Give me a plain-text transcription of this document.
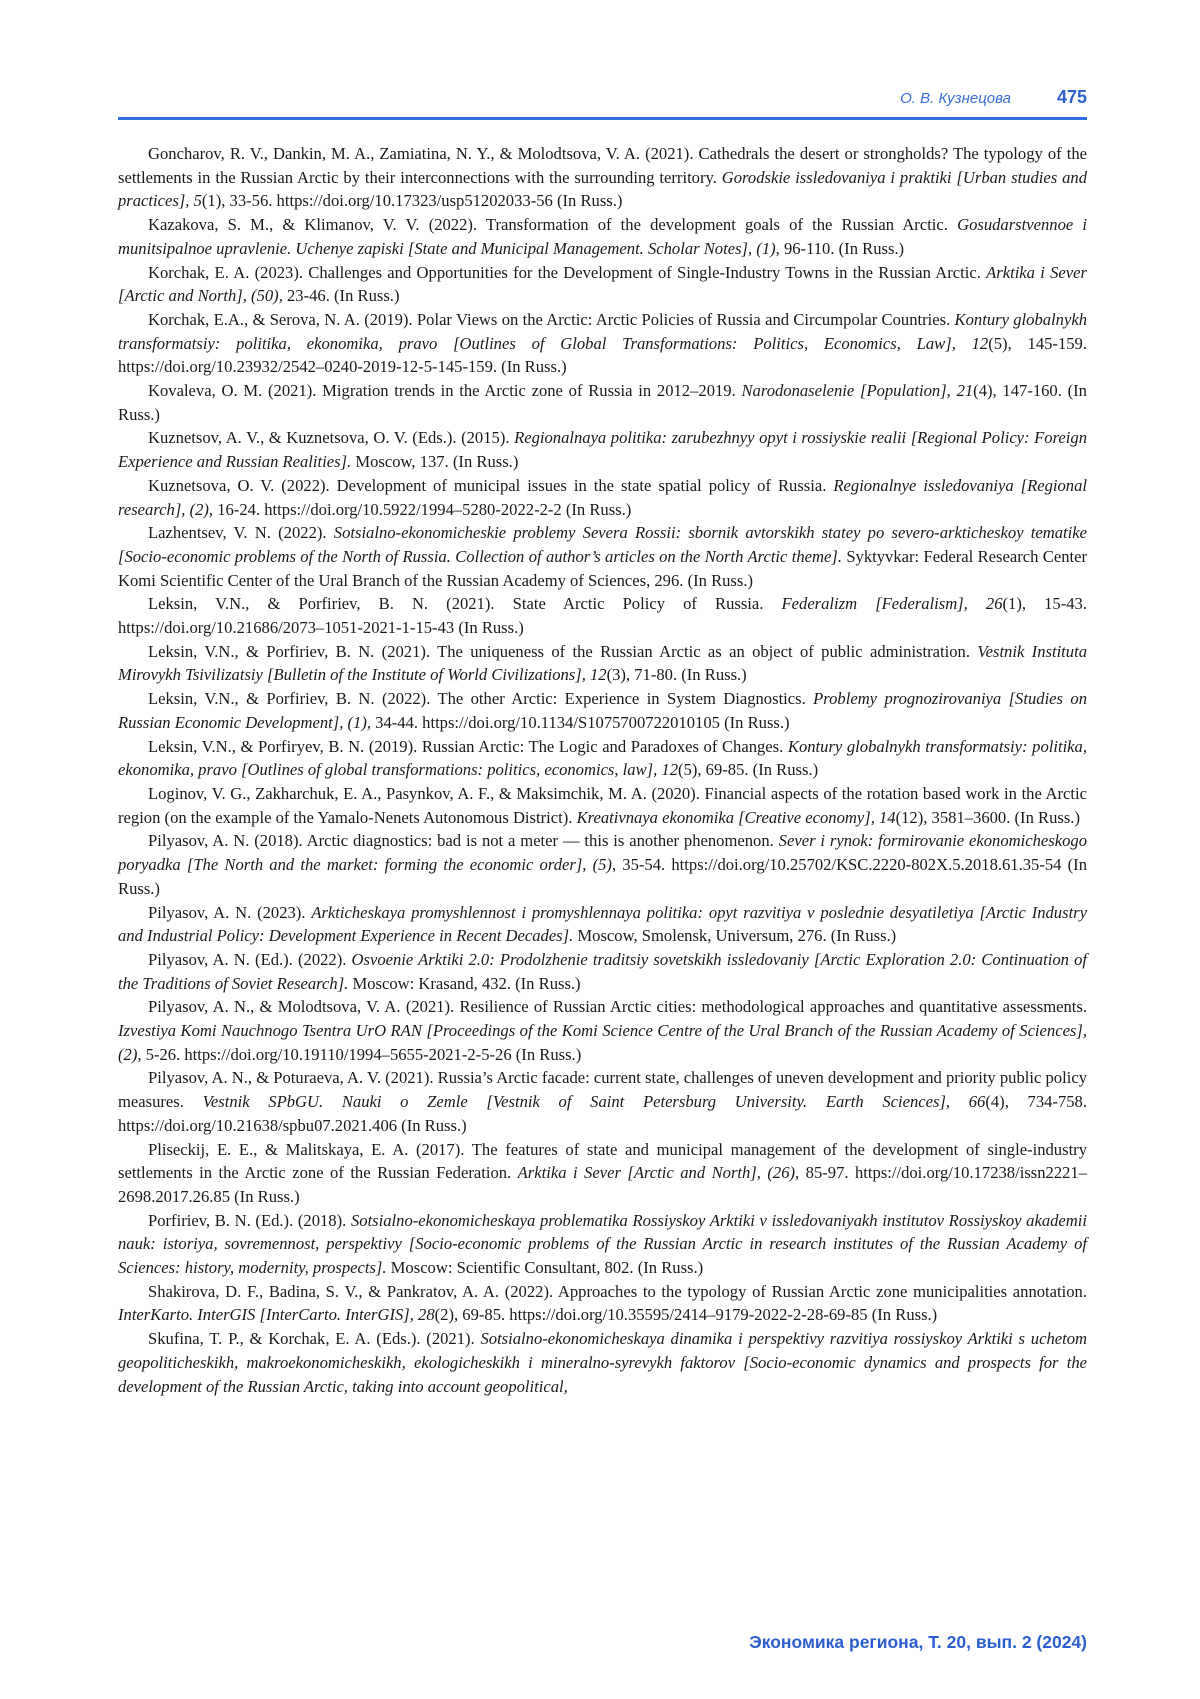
О. В. Кузнецова	475

Goncharov, R. V., Dankin, M. A., Zamiatina, N. Y., & Molodtsova, V. A. (2021). Cathedrals the desert or strongholds? The typology of the settlements in the Russian Arctic by their interconnections with the surrounding territory. Gorodskie issledovaniya i praktiki [Urban studies and practices], 5(1), 33-56. https://doi.org/10.17323/usp51202033-56 (In Russ.)

Kazakova, S. M., & Klimanov, V. V. (2022). Transformation of the development goals of the Russian Arctic. Gosudarstvennoe i munitsipalnoe upravlenie. Uchenye zapiski [State and Municipal Management. Scholar Notes], (1), 96-110. (In Russ.)

Korchak, E. A. (2023). Challenges and Opportunities for the Development of Single-Industry Towns in the Russian Arctic. Arktika i Sever [Arctic and North], (50), 23-46. (In Russ.)

Korchak, E.A., & Serova, N. A. (2019). Polar Views on the Arctic: Arctic Policies of Russia and Circumpolar Countries. Kontury globalnykh transformatsiy: politika, ekonomika, pravo [Outlines of Global Transformations: Politics, Economics, Law], 12(5), 145-159. https://doi.org/10.23932/2542–0240-2019-12-5-145-159. (In Russ.)

Kovaleva, O. M. (2021). Migration trends in the Arctic zone of Russia in 2012–2019. Narodonaselenie [Population], 21(4), 147-160. (In Russ.)

Kuznetsov, A. V., & Kuznetsova, O. V. (Eds.). (2015). Regionalnaya politika: zarubezhnyy opyt i rossiyskie realii [Regional Policy: Foreign Experience and Russian Realities]. Moscow, 137. (In Russ.)

Kuznetsova, O. V. (2022). Development of municipal issues in the state spatial policy of Russia. Regionalnye issledovaniya [Regional research], (2), 16-24. https://doi.org/10.5922/1994–5280-2022-2-2 (In Russ.)

Lazhentsev, V. N. (2022). Sotsialno-ekonomicheskie problemy Severa Rossii: sbornik avtorskikh statey po severo-arkticheskoy tematike [Socio-economic problems of the North of Russia. Collection of author’s articles on the North Arctic theme]. Syktyvkar: Federal Research Center Komi Scientific Center of the Ural Branch of the Russian Academy of Sciences, 296. (In Russ.)

Leksin, V.N., & Porfiriev, B. N. (2021). State Arctic Policy of Russia. Federalizm [Federalism], 26(1), 15-43. https://doi.org/10.21686/2073–1051-2021-1-15-43 (In Russ.)

Leksin, V.N., & Porfiriev, B. N. (2021). The uniqueness of the Russian Arctic as an object of public administration. Vestnik Instituta Mirovykh Tsivilizatsiy [Bulletin of the Institute of World Civilizations], 12(3), 71-80. (In Russ.)

Leksin, V.N., & Porfiriev, B. N. (2022). The other Arctic: Experience in System Diagnostics. Problemy prognozirovaniya [Studies on Russian Economic Development], (1), 34-44. https://doi.org/10.1134/S1075700722010105 (In Russ.)

Leksin, V.N., & Porfiryev, B. N. (2019). Russian Arctic: The Logic and Paradoxes of Changes. Kontury globalnykh transformatsiy: politika, ekonomika, pravo [Outlines of global transformations: politics, economics, law], 12(5), 69-85. (In Russ.)

Loginov, V. G., Zakharchuk, E. A., Pasynkov, A. F., & Maksimchik, M. A. (2020). Financial aspects of the rotation based work in the Arctic region (on the example of the Yamalo-Nenets Autonomous District). Kreativnaya ekonomika [Creative economy], 14(12), 3581–3600. (In Russ.)

Pilyasov, A. N. (2018). Arctic diagnostics: bad is not a meter — this is another phenomenon. Sever i rynok: formirovanie ekonomicheskogo poryadka [The North and the market: forming the economic order], (5), 35-54. https://doi.org/10.25702/KSC.2220-802X.5.2018.61.35-54 (In Russ.)

Pilyasov, A. N. (2023). Arkticheskaya promyshlennost i promyshlennaya politika: opyt razvitiya v poslednie desyatiletiya [Arctic Industry and Industrial Policy: Development Experience in Recent Decades]. Moscow, Smolensk, Universum, 276. (In Russ.)

Pilyasov, A. N. (Ed.). (2022). Osvoenie Arktiki 2.0: Prodolzhenie traditsiy sovetskikh issledovaniy [Arctic Exploration 2.0: Continuation of the Traditions of Soviet Research]. Moscow: Krasand, 432. (In Russ.)

Pilyasov, A. N., & Molodtsova, V. A. (2021). Resilience of Russian Arctic cities: methodological approaches and quantitative assessments. Izvestiya Komi Nauchnogo Tsentra UrO RAN [Proceedings of the Komi Science Centre of the Ural Branch of the Russian Academy of Sciences], (2), 5-26. https://doi.org/10.19110/1994–5655-2021-2-5-26 (In Russ.)

Pilyasov, A. N., & Poturaeva, A. V. (2021). Russia’s Arctic facade: current state, challenges of uneven development and priority public policy measures. Vestnik SPbGU. Nauki o Zemle [Vestnik of Saint Petersburg University. Earth Sciences], 66(4), 734-758. https://doi.org/10.21638/spbu07.2021.406 (In Russ.)

Pliseckij, E. E., & Malitskaya, E. A. (2017). The features of state and municipal management of the development of single-industry settlements in the Arctic zone of the Russian Federation. Arktika i Sever [Arctic and North], (26), 85-97. https://doi.org/10.17238/issn2221–2698.2017.26.85 (In Russ.)

Porfiriev, B. N. (Ed.). (2018). Sotsialno-ekonomicheskaya problematika Rossiyskoy Arktiki v issledovaniyakh institutov Rossiyskoy akademii nauk: istoriya, sovremennost, perspektivy [Socio-economic problems of the Russian Arctic in research institutes of the Russian Academy of Sciences: history, modernity, prospects]. Moscow: Scientific Consultant, 802. (In Russ.)

Shakirova, D. F., Badina, S. V., & Pankratov, A. A. (2022). Approaches to the typology of Russian Arctic zone municipalities annotation. InterKarto. InterGIS [InterCarto. InterGIS], 28(2), 69-85. https://doi.org/10.35595/2414–9179-2022-2-28-69-85 (In Russ.)

Skufina, T. P., & Korchak, E. A. (Eds.). (2021). Sotsialno-ekonomicheskaya dinamika i perspektivy razvitiya rossiyskoy Arktiki s uchetom geopoliticheskikh, makroekonomicheskikh, ekologicheskikh i mineralno-syrevykh faktorov [Socio-economic dynamics and prospects for the development of the Russian Arctic, taking into account geopolitical,

Экономика региона, Т. 20, вып. 2 (2024)
